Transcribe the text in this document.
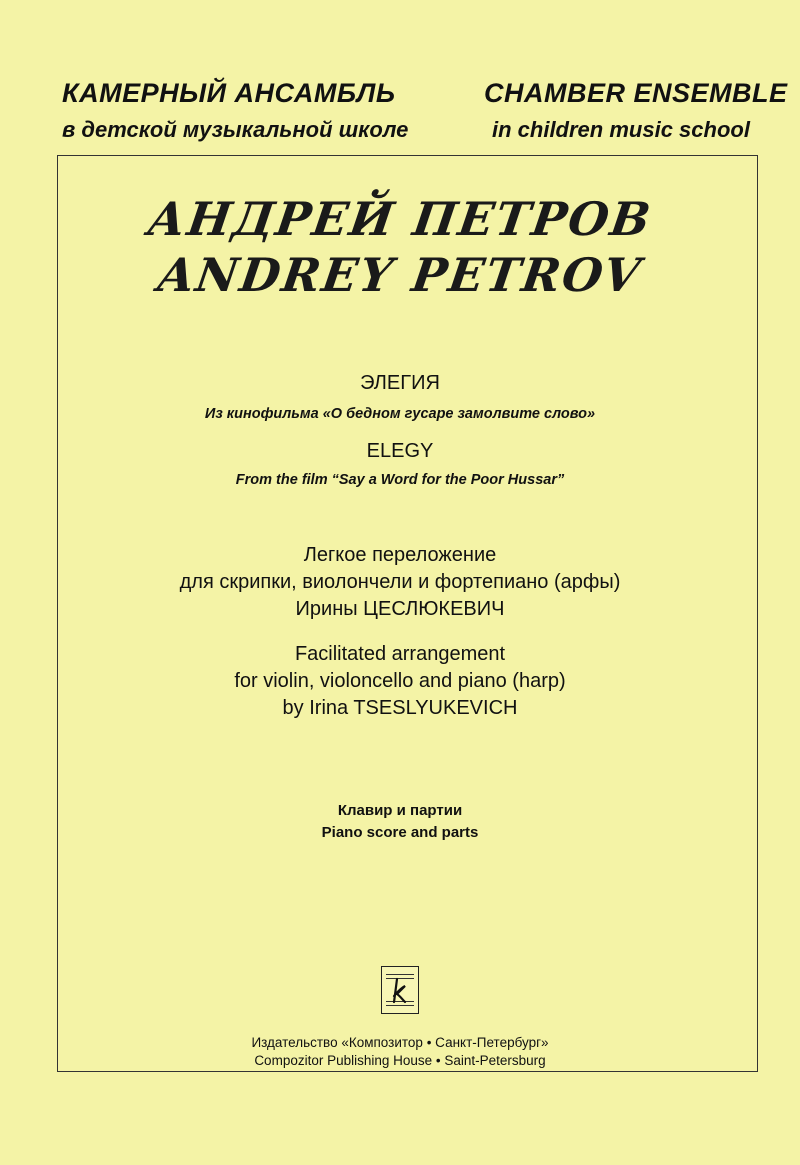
КАМЕРНЫЙ АНСАМБЛЬ
в детской музыкальной школе
CHAMBER ENSEMBLE
in children music school
АНДРЕЙ ПЕТРОВ
ANDREY PETROV
ЭЛЕГИЯ
Из кинофильма «О бедном гусаре замолвите слово»
ELEGY
From the film “Say a Word for the Poor Hussar”
Легкое переложение
для скрипки, виолончели и фортепиано (арфы)
Ирины ЦЕСЛЮКЕВИЧ
Facilitated arrangement
for violin, violoncello and piano (harp)
by Irina TSESLYUKEVICH
Клавир и партии
Piano score and parts
Издательство «Композитор • Санкт-Петербург»
Compozitor Publishing House • Saint-Petersburg
